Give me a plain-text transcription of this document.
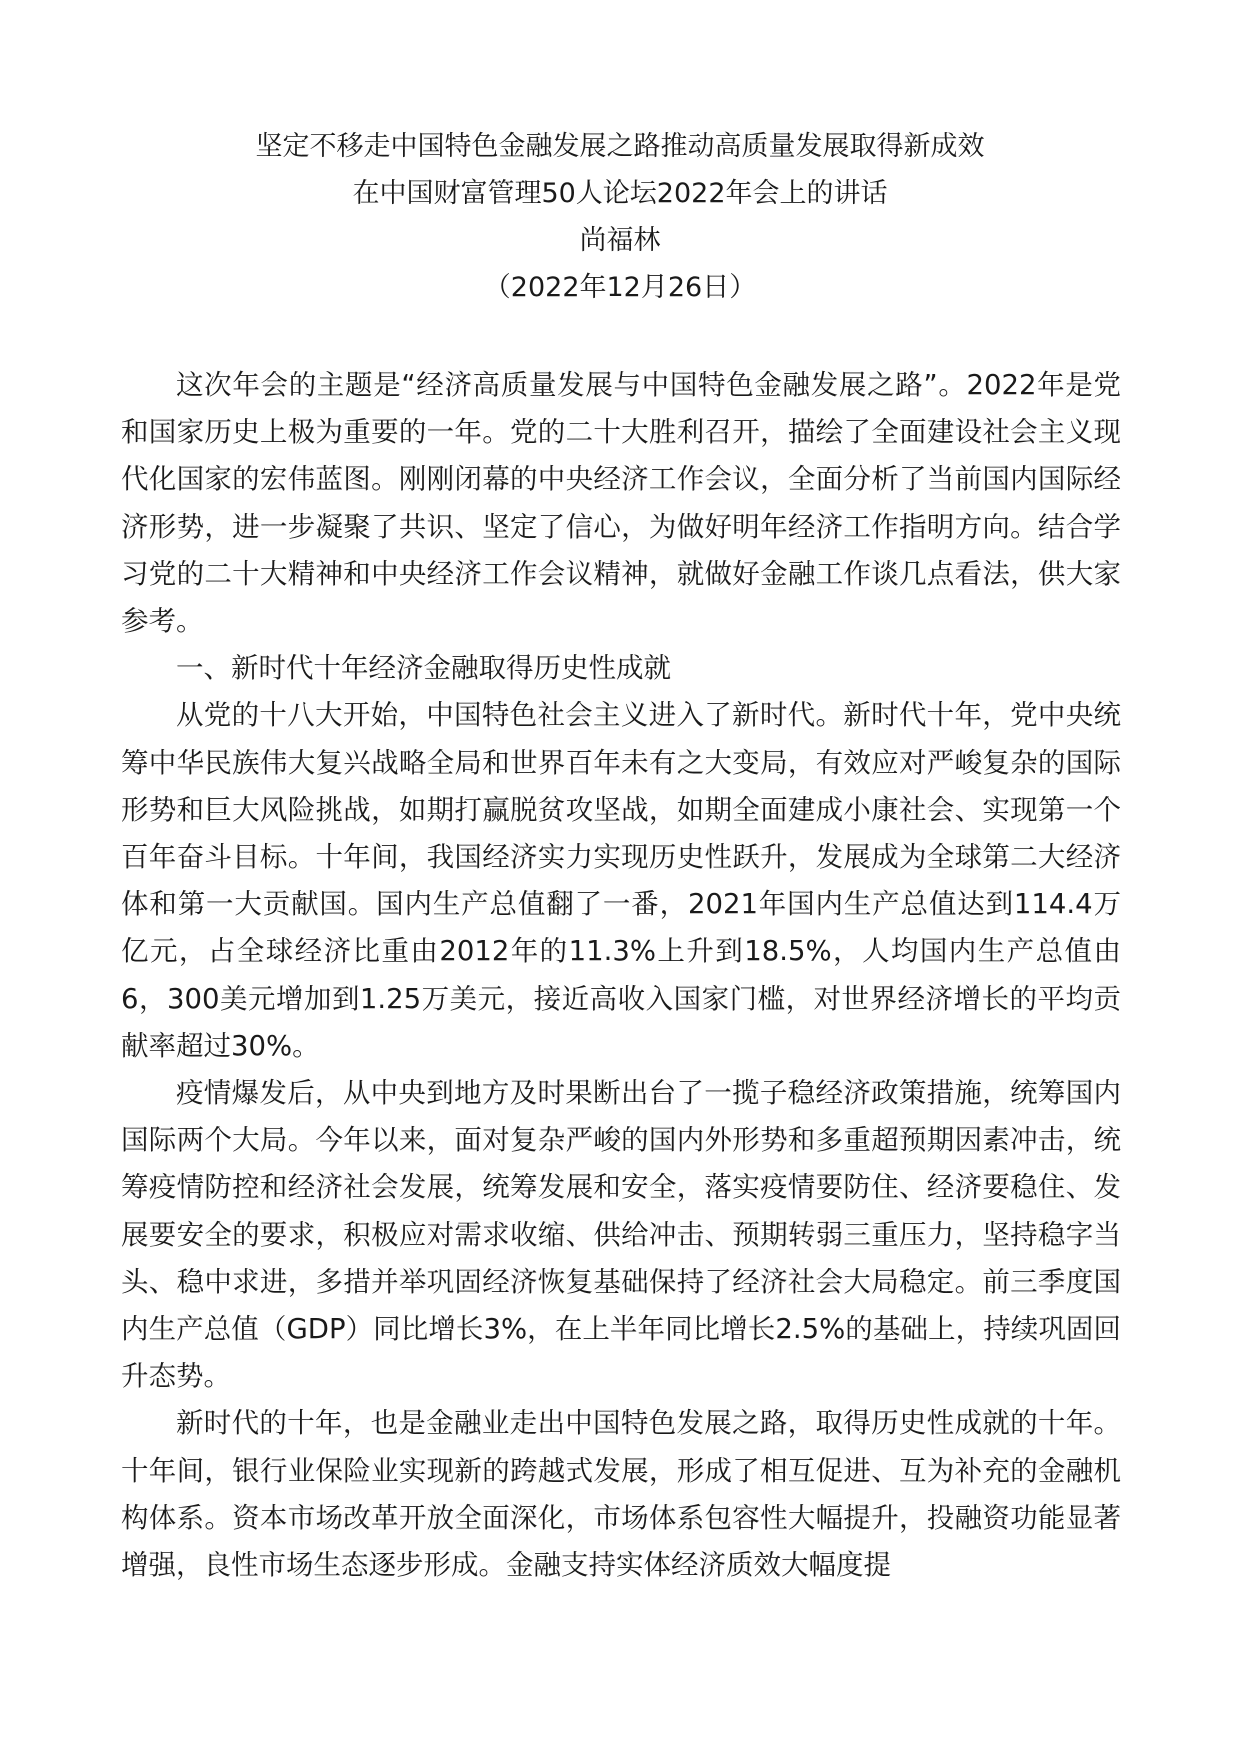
坚定不移走中国特色金融发展之路推动高质量发展取得新成效
在中国财富管理50人论坛2022年会上的讲话
尚福林
（2022年12月26日）

这次年会的主题是“经济高质量发展与中国特色金融发展之路”。2022年是党和国家历史上极为重要的一年。党的二十大胜利召开，描绘了全面建设社会主义现代化国家的宏伟蓝图。刚刚闭幕的中央经济工作会议，全面分析了当前国内国际经济形势，进一步凝聚了共识、坚定了信心，为做好明年经济工作指明方向。结合学习党的二十大精神和中央经济工作会议精神，就做好金融工作谈几点看法，供大家参考。

一、新时代十年经济金融取得历史性成就

从党的十八大开始，中国特色社会主义进入了新时代。新时代十年，党中央统筹中华民族伟大复兴战略全局和世界百年未有之大变局，有效应对严峻复杂的国际形势和巨大风险挑战，如期打赢脱贫攻坚战，如期全面建成小康社会、实现第一个百年奋斗目标。十年间，我国经济实力实现历史性跃升，发展成为全球第二大经济体和第一大贡献国。国内生产总值翻了一番，2021年国内生产总值达到114.4万亿元，占全球经济比重由2012年的11.3%上升到18.5%，人均国内生产总值由6，300美元增加到1.25万美元，接近高收入国家门槛，对世界经济增长的平均贡献率超过30%。

疫情爆发后，从中央到地方及时果断出台了一揽子稳经济政策措施，统筹国内国际两个大局。今年以来，面对复杂严峻的国内外形势和多重超预期因素冲击，统筹疫情防控和经济社会发展，统筹发展和安全，落实疫情要防住、经济要稳住、发展要安全的要求，积极应对需求收缩、供给冲击、预期转弱三重压力，坚持稳字当头、稳中求进，多措并举巩固经济恢复基础保持了经济社会大局稳定。前三季度国内生产总值（GDP）同比增长3%，在上半年同比增长2.5%的基础上，持续巩固回升态势。

新时代的十年，也是金融业走出中国特色发展之路，取得历史性成就的十年。十年间，银行业保险业实现新的跨越式发展，形成了相互促进、互为补充的金融机构体系。资本市场改革开放全面深化，市场体系包容性大幅提升，投融资功能显著增强，良性市场生态逐步形成。金融支持实体经济质效大幅度提
